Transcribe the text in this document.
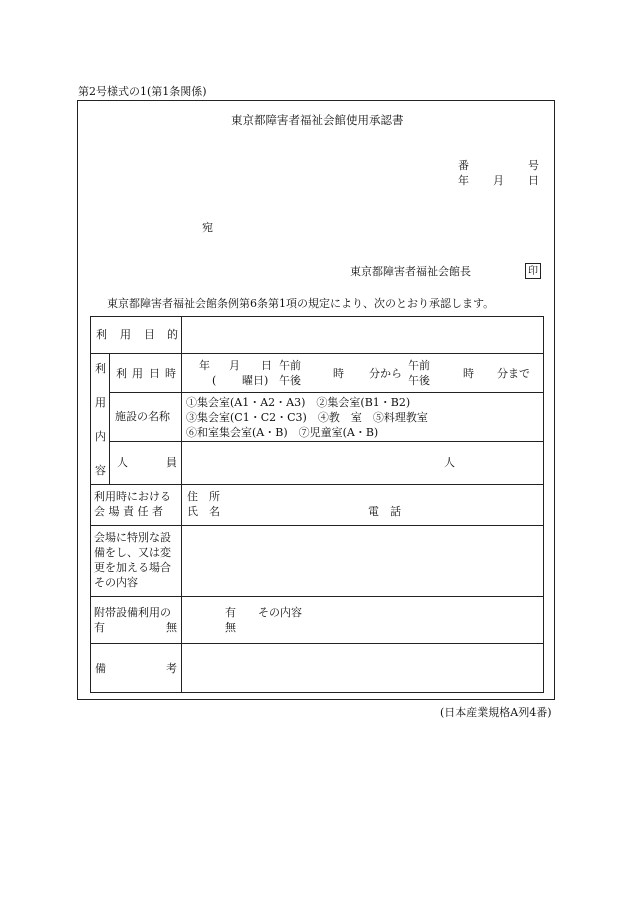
第2号様式の1(第1条関係)
東京都障害者福祉会館使用承認書
番	号
年 月 日
宛
東京都障害者福祉会館長	印
東京都障害者福祉会館条例第6条第1項の規定により、次のとおり承認します。
利 用 目 的
利
用
内
容
利 用 日 時
年 月 日
( 曜日)
午前
午後
時 分から
午前
午後
時 分まで
施設の名称
①集会室(A1・A2・A3)　②集会室(B1・B2)
③集会室(C1・C2・C3)　④教　室　⑤料理教室
⑥和室集会室(A・B)　⑦児童室(A・B)
人	員	人
利用時における
会 場 責 任 者
住　所
氏　名	電　話
会場に特別な設
備をし、又は変
更を加える場合
その内容
附帯設備利用の
有	無
有 その内容
無
備	考
(日本産業規格A列4番)
